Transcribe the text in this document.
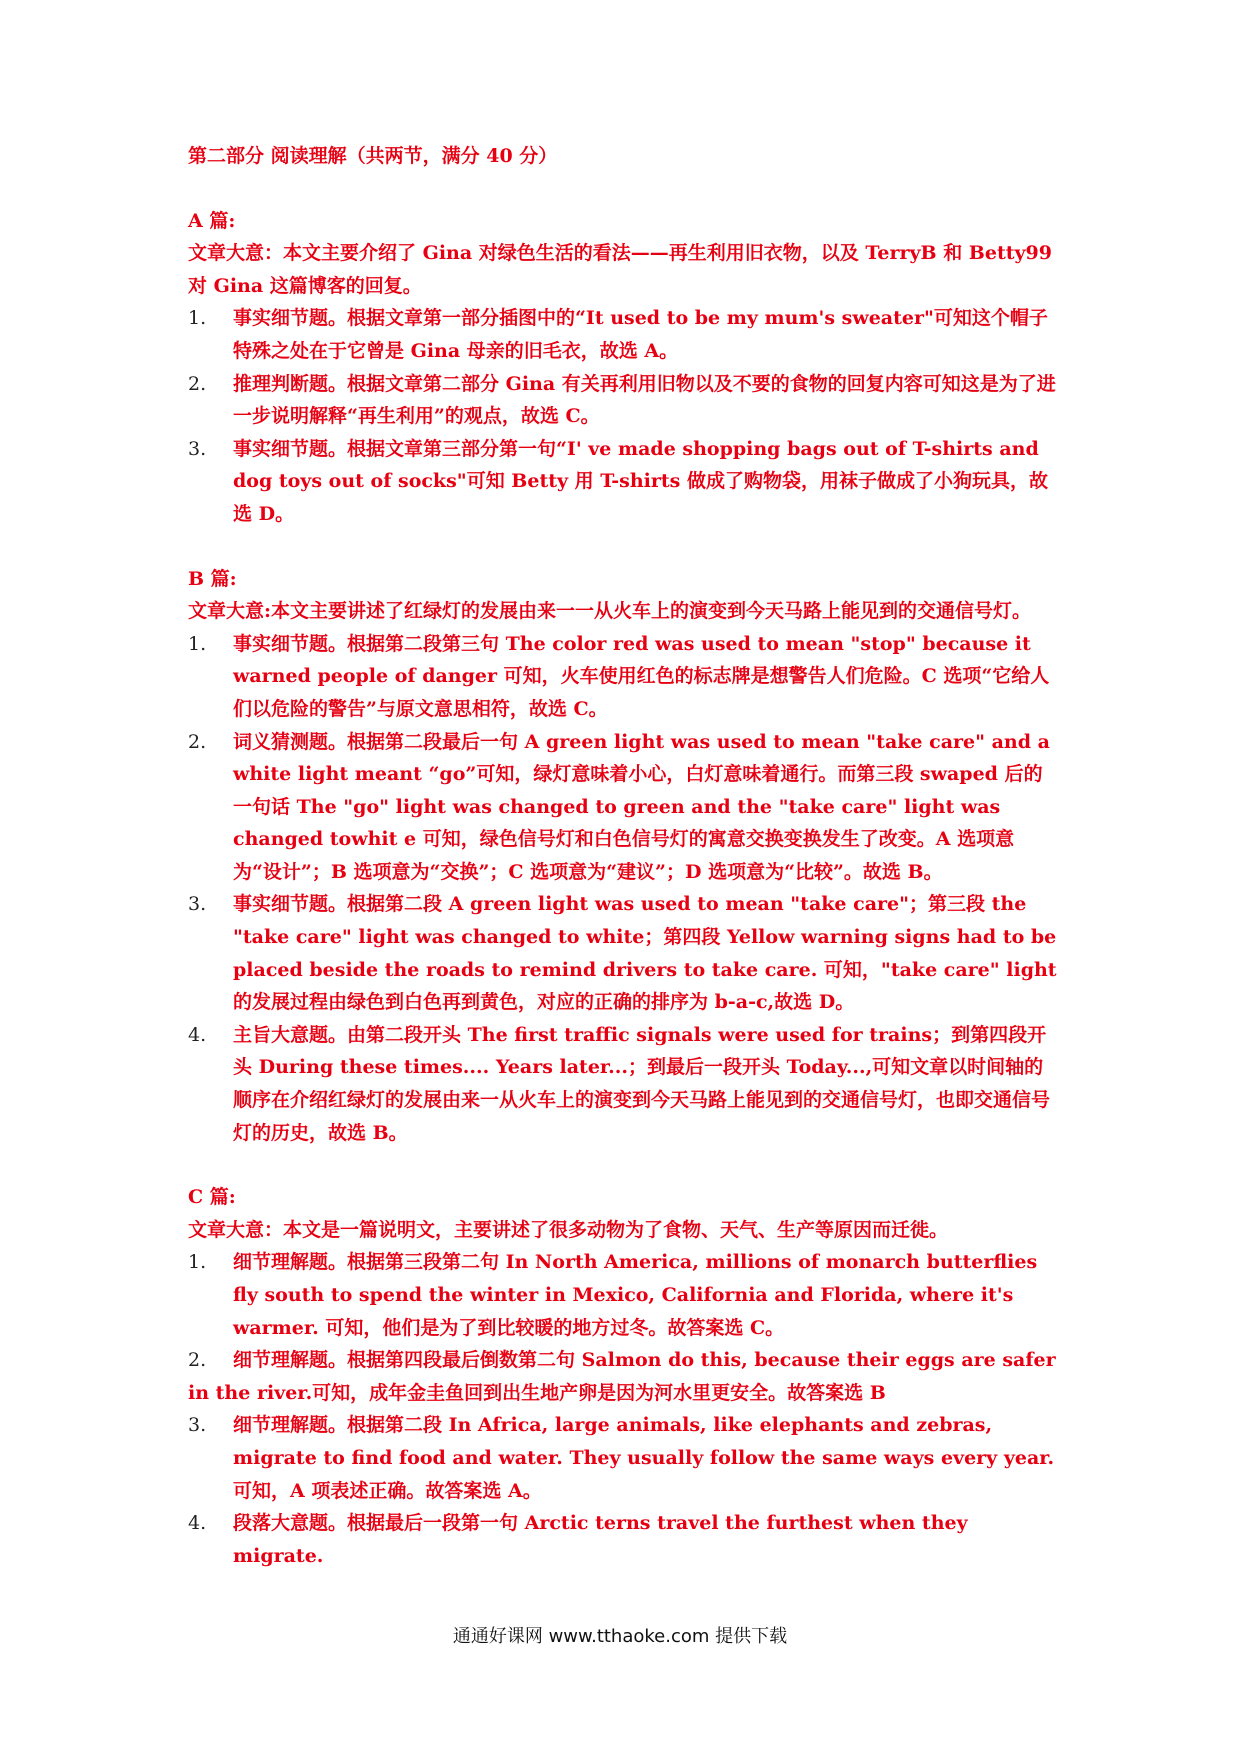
第二部分 阅读理解（共两节，满分 40 分）
A 篇:
文章大意：本文主要介绍了 Gina 对绿色生活的看法——再生利用旧衣物，以及 TerryB 和 Betty99 对 Gina 这篇博客的回复。
1. 事实细节题。根据文章第一部分插图中的“It used to be my mum's sweater"可知这个帽子特殊之处在于它曾是 Gina 母亲的旧毛衣，故选 A。
2. 推理判断题。根据文章第二部分 Gina 有关再利用旧物以及不要的食物的回复内容可知这是为了进一步说明解释“再生利用”的观点，故选 C。
3. 事实细节题。根据文章第三部分第一句“I' ve made shopping bags out of T-shirts and dog toys out of socks"可知 Betty 用 T-shirts 做成了购物袋，用袜子做成了小狗玩具，故选 D。
B 篇:
文章大意:本文主要讲述了红绿灯的发展由来一一从火车上的演变到今天马路上能见到的交通信号灯。
1. 事实细节题。根据第二段第三句 The color red was used to mean "stop" because it warned people of danger 可知，火车使用红色的标志牌是想警告人们危险。C 选项“它给人们以危险的警告”与原文意思相符，故选 C。
2. 词义猜测题。根据第二段最后一句 A green light was used to mean "take care" and a white light meant “go”可知，绿灯意味着小心，白灯意味着通行。而第三段 swaped 后的一句话 The "go" light was changed to green and the "take care" light was changed towhit e 可知，绿色信号灯和白色信号灯的寓意交换变换发生了改变。A 选项意为“设计”；B 选项意为“交换”；C 选项意为“建议”；D 选项意为“比较”。故选 B。
3. 事实细节题。根据第二段 A green light was used to mean "take care"；第三段 the "take care" light was changed to white；第四段 Yellow warning signs had to be placed beside the roads to remind drivers to take care. 可知，"take care" light 的发展过程由绿色到白色再到黄色，对应的正确的排序为 b-a-c,故选 D。
4. 主旨大意题。由第二段开头 The first traffic signals were used for trains；到第四段开头 During these times.... Years later...；到最后一段开头 Today...,可知文章以时间轴的顺序在介绍红绿灯的发展由来一从火车上的演变到今天马路上能见到的交通信号灯，也即交通信号灯的历史，故选 B。
C 篇:
文章大意：本文是一篇说明文，主要讲述了很多动物为了食物、天气、生产等原因而迁徙。
1. 细节理解题。根据第三段第二句 In North America, millions of monarch butterflies fly south to spend the winter in Mexico, California and Florida, where it's warmer. 可知，他们是为了到比较暖的地方过冬。故答案选 C。
2. 细节理解题。根据第四段最后倒数第二句 Salmon do this, because their eggs are safer in the river.可知，成年金圭鱼回到出生地产卵是因为河水里更安全。故答案选 B
3. 细节理解题。根据第二段 In Africa, large animals, like elephants and zebras, migrate to find food and water. They usually follow the same ways every year. 可知，A 项表述正确。故答案选 A。
4. 段落大意题。根据最后一段第一句 Arctic terns travel the furthest when they migrate.
通通好课网 www.tthaoke.com 提供下载
